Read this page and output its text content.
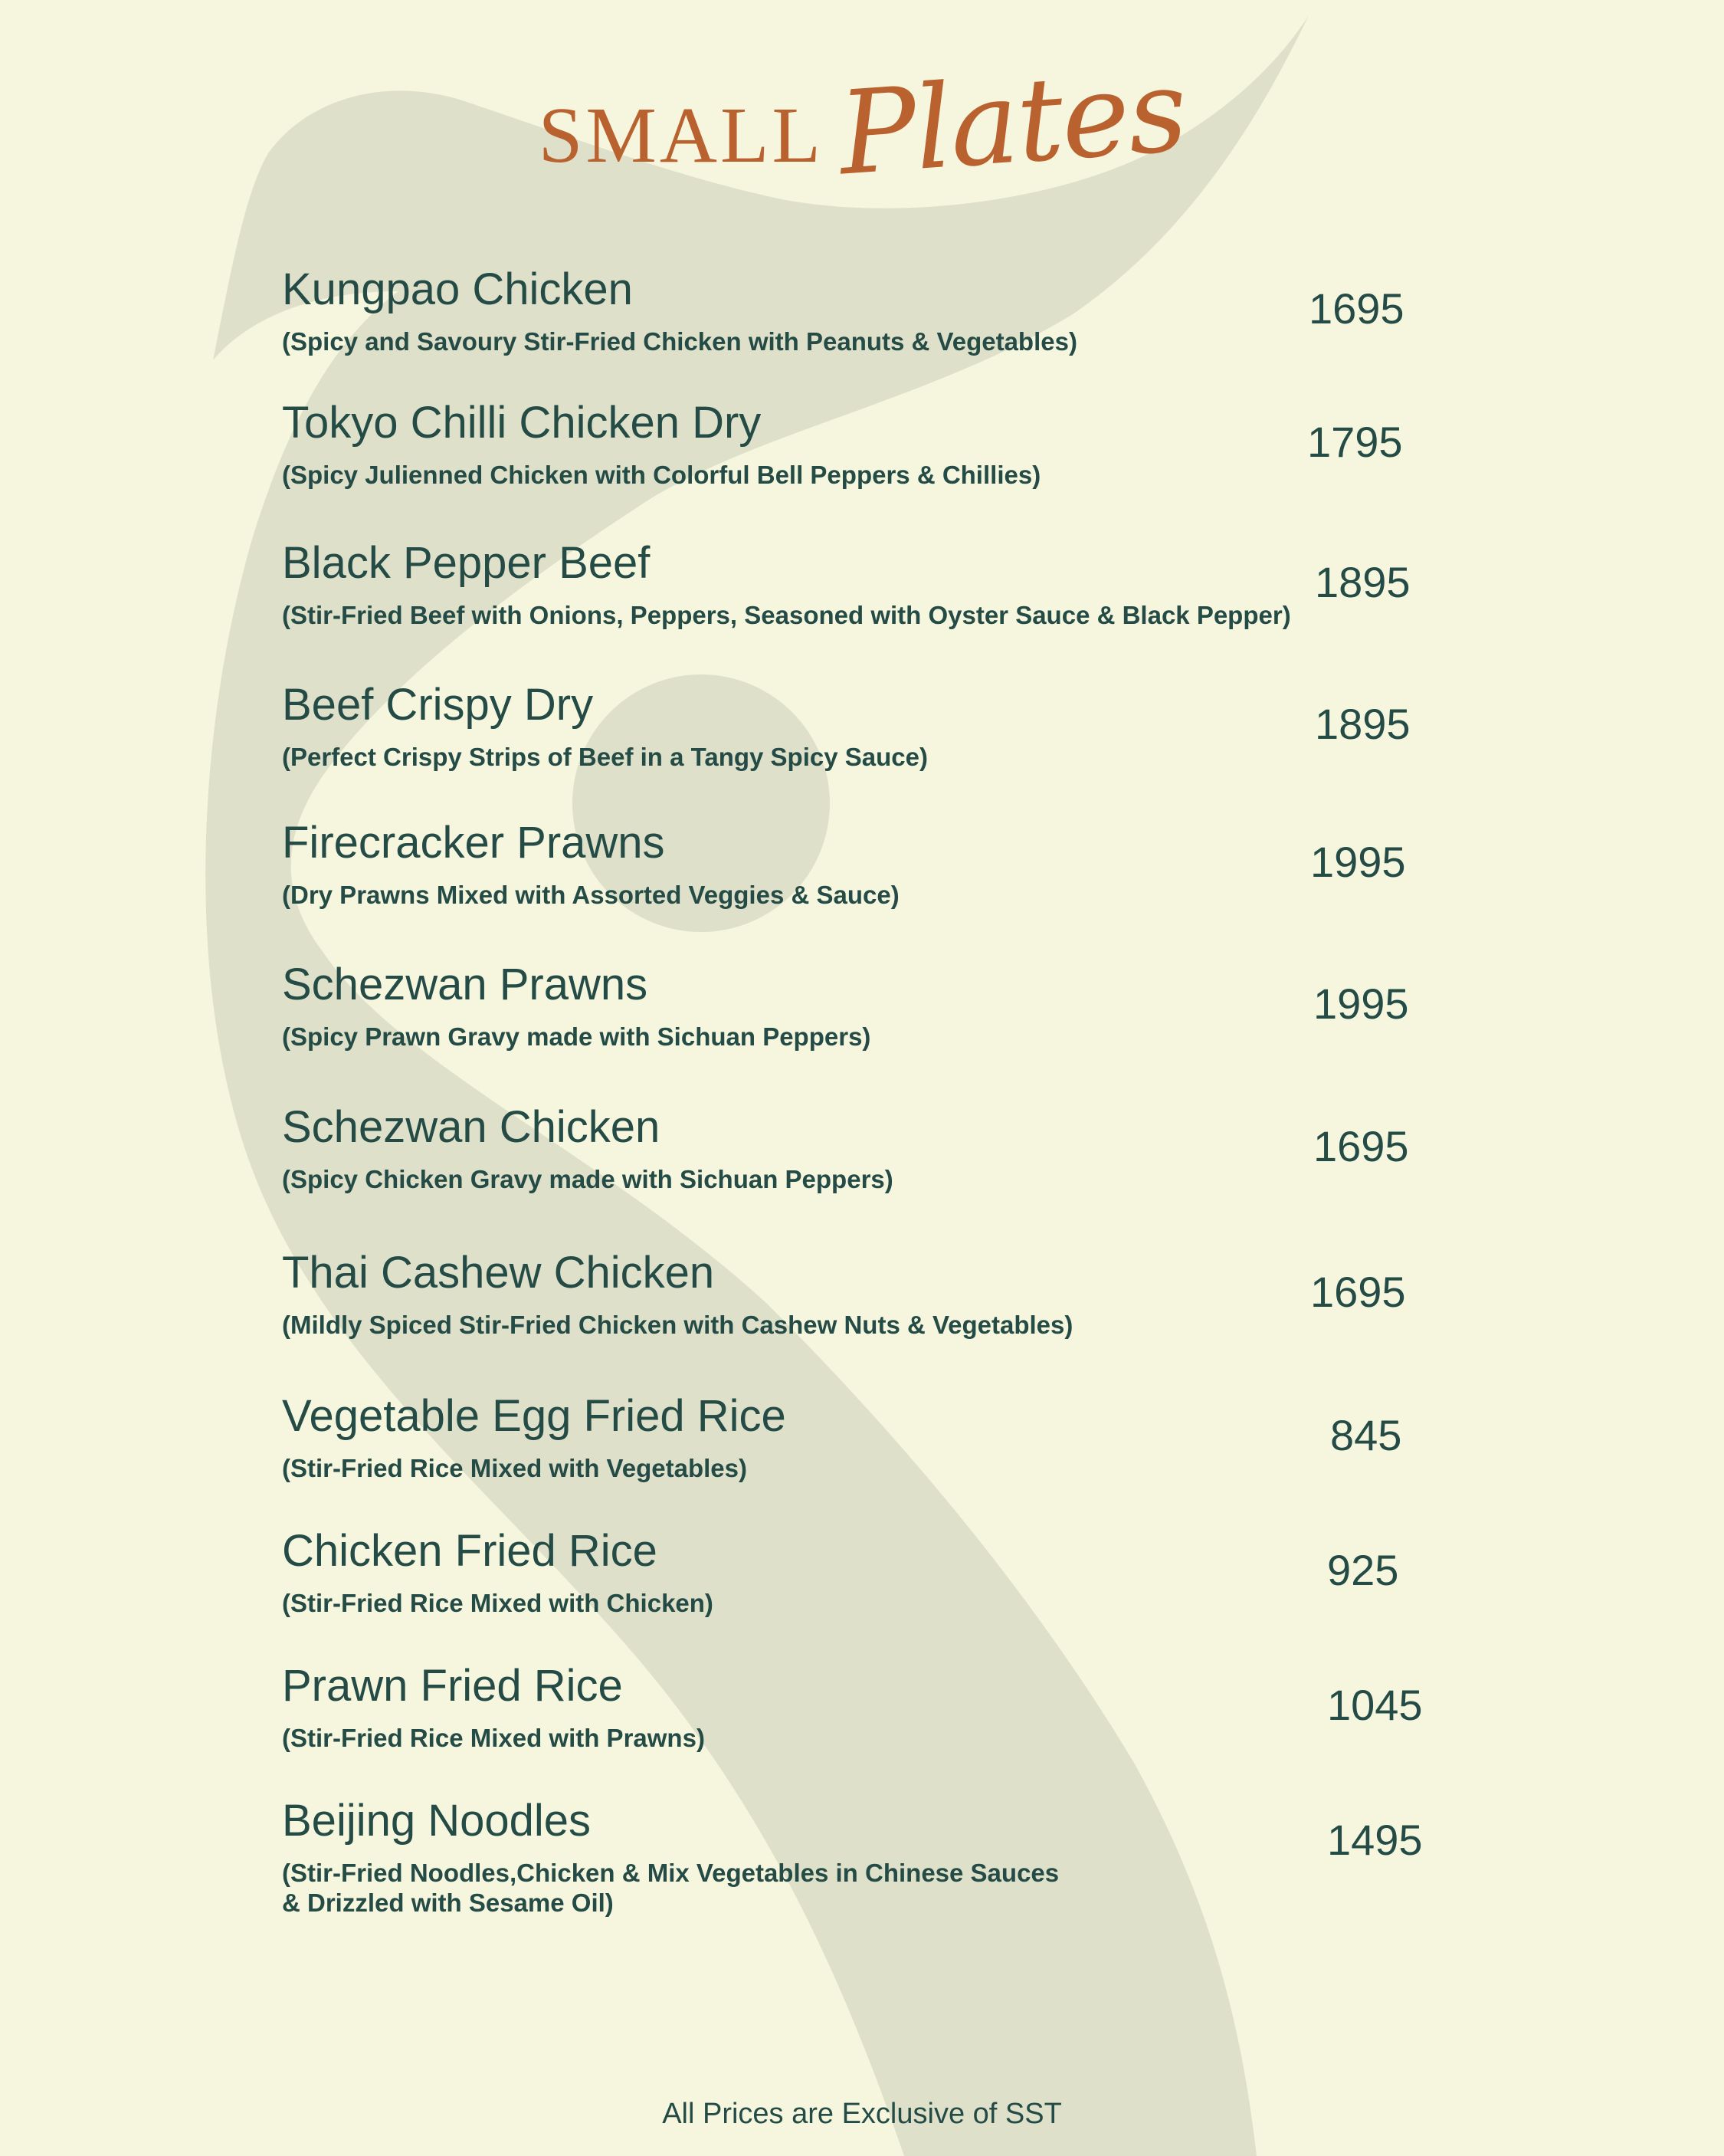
SMALL Plates
Kungpao Chicken
(Spicy and Savoury Stir-Fried Chicken with Peanuts & Vegetables)
1695
Tokyo Chilli Chicken Dry
(Spicy Julienned Chicken with Colorful Bell Peppers & Chillies)
1795
Black Pepper Beef
(Stir-Fried Beef with Onions, Peppers, Seasoned with Oyster Sauce & Black Pepper)
1895
Beef Crispy Dry
(Perfect Crispy Strips of Beef in a Tangy Spicy Sauce)
1895
Firecracker Prawns
(Dry Prawns Mixed with Assorted Veggies & Sauce)
1995
Schezwan Prawns
(Spicy Prawn Gravy made with Sichuan Peppers)
1995
Schezwan Chicken
(Spicy Chicken Gravy made with Sichuan Peppers)
1695
Thai Cashew Chicken
(Mildly Spiced Stir-Fried Chicken with Cashew Nuts & Vegetables)
1695
Vegetable Egg Fried Rice
(Stir-Fried Rice Mixed with Vegetables)
845
Chicken Fried Rice
(Stir-Fried Rice Mixed with Chicken)
925
Prawn Fried Rice
(Stir-Fried Rice Mixed with Prawns)
1045
Beijing Noodles
(Stir-Fried Noodles,Chicken & Mix Vegetables in Chinese Sauces & Drizzled with Sesame Oil)
1495
All Prices are Exclusive of SST
